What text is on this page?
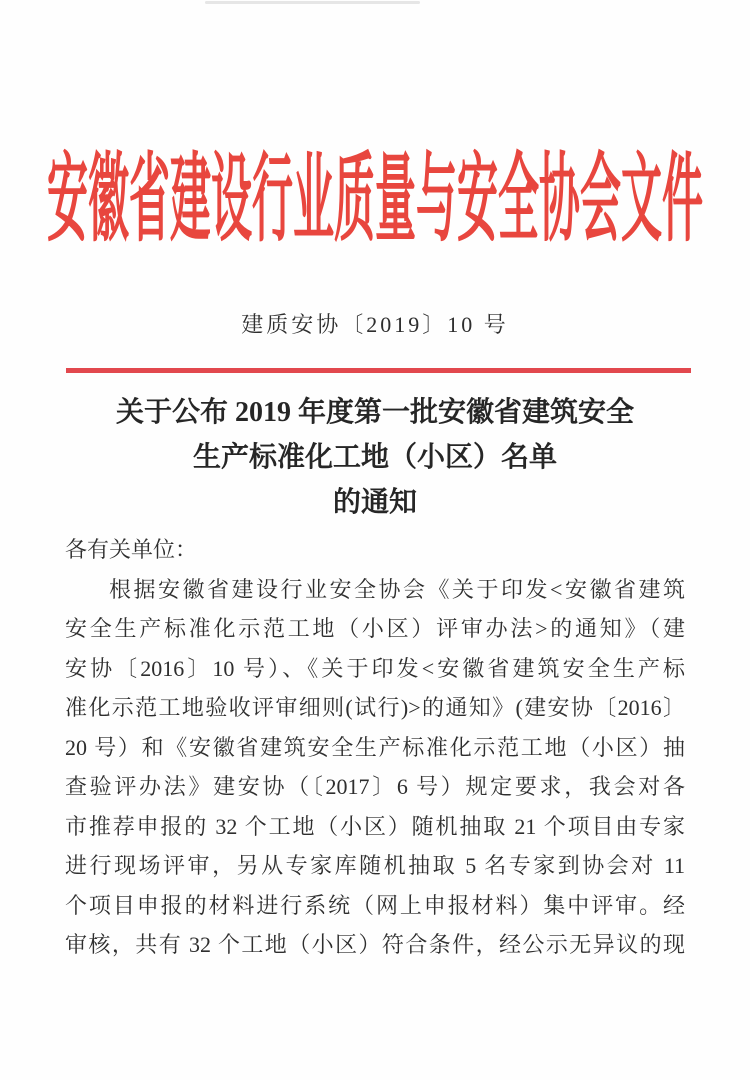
安徽省建设行业质量与安全协会文件
建质安协〔2019〕10 号
关于公布 2019 年度第一批安徽省建筑安全
生产标准化工地（小区）名单
的通知
各有关单位：
根据安徽省建设行业安全协会《关于印发<安徽省建筑
安全生产标准化示范工地（小区）评审办法>的通知》（建
安协〔2016〕10 号）、《关于印发<安徽省建筑安全生产标
准化示范工地验收评审细则(试行)>的通知》(建安协〔2016〕
20 号）和《安徽省建筑安全生产标准化示范工地（小区）抽
查验评办法》建安协（〔2017〕6 号）规定要求，我会对各
市推荐申报的 32 个工地（小区）随机抽取 21 个项目由专家
进行现场评审，另从专家库随机抽取 5 名专家到协会对 11
个项目申报的材料进行系统（网上申报材料）集中评审。经
审核，共有 32 个工地（小区）符合条件，经公示无异议的现
